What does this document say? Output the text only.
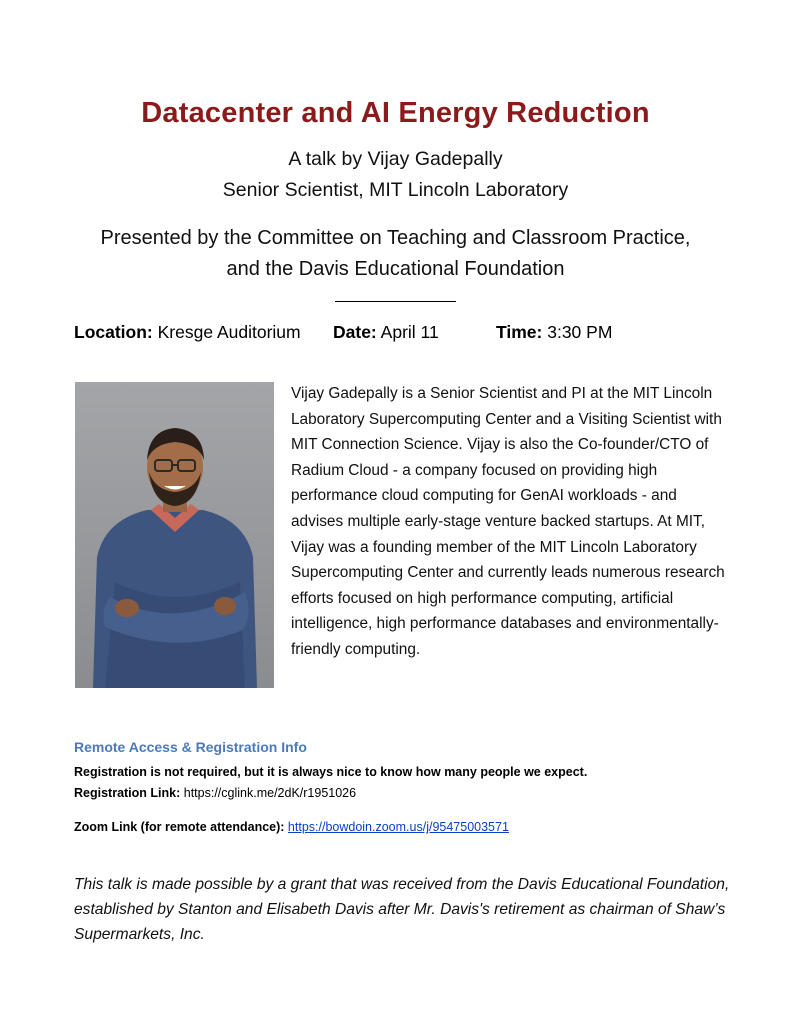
Datacenter and AI Energy Reduction
A talk by Vijay Gadepally
Senior Scientist, MIT Lincoln Laboratory
Presented by the Committee on Teaching and Classroom Practice,
and the Davis Educational Foundation
Location: Kresge Auditorium Date: April 11	Time: 3:30 PM
Vijay Gadepally is a Senior Scientist and PI at the MIT Lincoln Laboratory Supercomputing Center and a Visiting Scientist with MIT Connection Science. Vijay is also the Co-founder/CTO of Radium Cloud - a company focused on providing high performance cloud computing for GenAI workloads - and advises multiple early-stage venture backed startups. At MIT, Vijay was a founding member of the MIT Lincoln Laboratory Supercomputing Center and currently leads numerous research efforts focused on high performance computing, artificial intelligence, high performance databases and environmentally-friendly computing.
Remote Access & Registration Info
Registration is not required, but it is always nice to know how many people we expect.
Registration Link: https://cglink.me/2dK/r1951026
Zoom Link (for remote attendance): https://bowdoin.zoom.us/j/95475003571
This talk is made possible by a grant that was received from the Davis Educational Foundation, established by Stanton and Elisabeth Davis after Mr. Davis's retirement as chairman of Shaw’s Supermarkets, Inc.
